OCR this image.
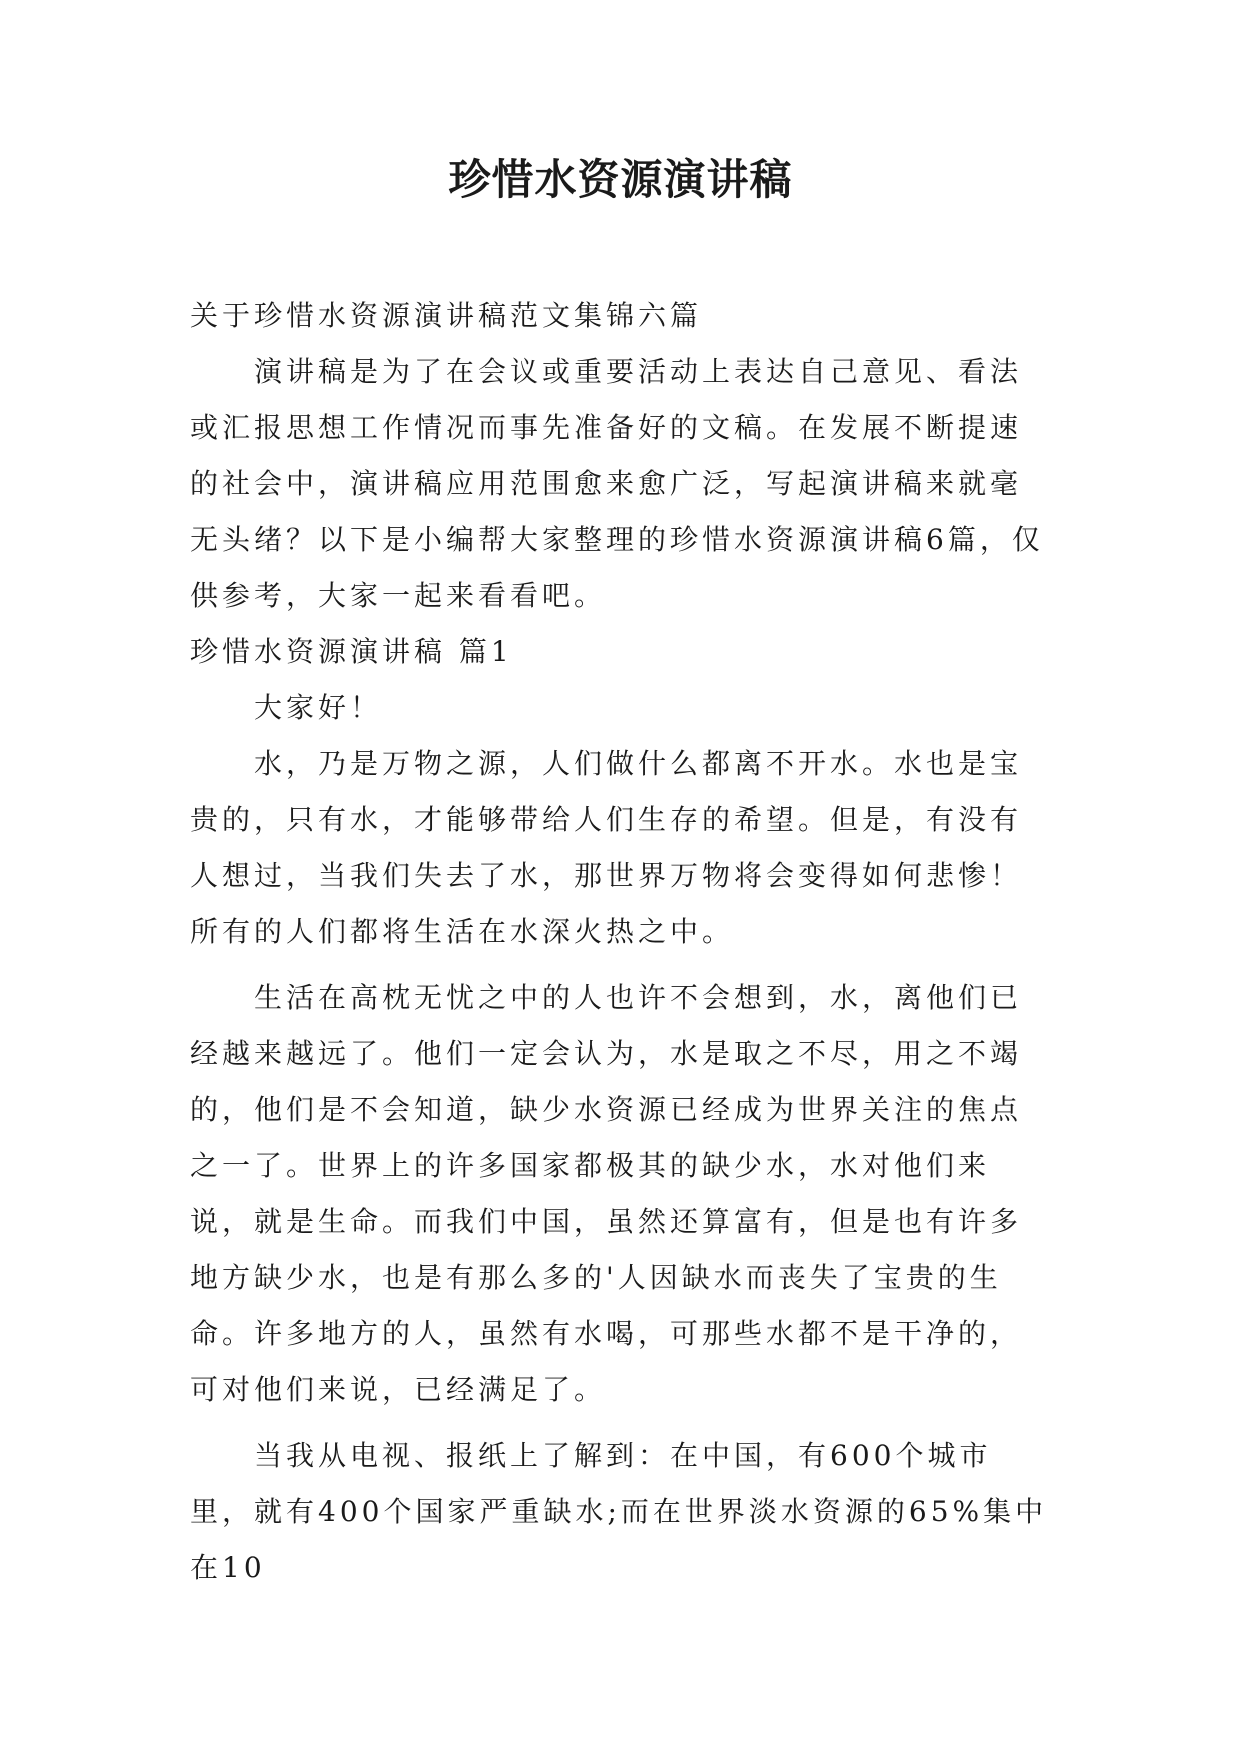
珍惜水资源演讲稿

关于珍惜水资源演讲稿范文集锦六篇

演讲稿是为了在会议或重要活动上表达自己意见、看法或汇报思想工作情况而事先准备好的文稿。在发展不断提速的社会中，演讲稿应用范围愈来愈广泛，写起演讲稿来就毫无头绪？以下是小编帮大家整理的珍惜水资源演讲稿6篇，仅供参考，大家一起来看看吧。

珍惜水资源演讲稿 篇1

大家好！

水，乃是万物之源，人们做什么都离不开水。水也是宝贵的，只有水，才能够带给人们生存的希望。但是，有没有人想过，当我们失去了水，那世界万物将会变得如何悲惨！所有的人们都将生活在水深火热之中。

生活在高枕无忧之中的人也许不会想到，水，离他们已经越来越远了。他们一定会认为，水是取之不尽，用之不竭的，他们是不会知道，缺少水资源已经成为世界关注的焦点之一了。世界上的许多国家都极其的缺少水，水对他们来说，就是生命。而我们中国，虽然还算富有，但是也有许多地方缺少水，也是有那么多的'人因缺水而丧失了宝贵的生命。许多地方的人，虽然有水喝，可那些水都不是干净的，可对他们来说，已经满足了。

当我从电视、报纸上了解到：在中国，有600个城市里，就有400个国家严重缺水;而在世界淡水资源的65%集中在10
